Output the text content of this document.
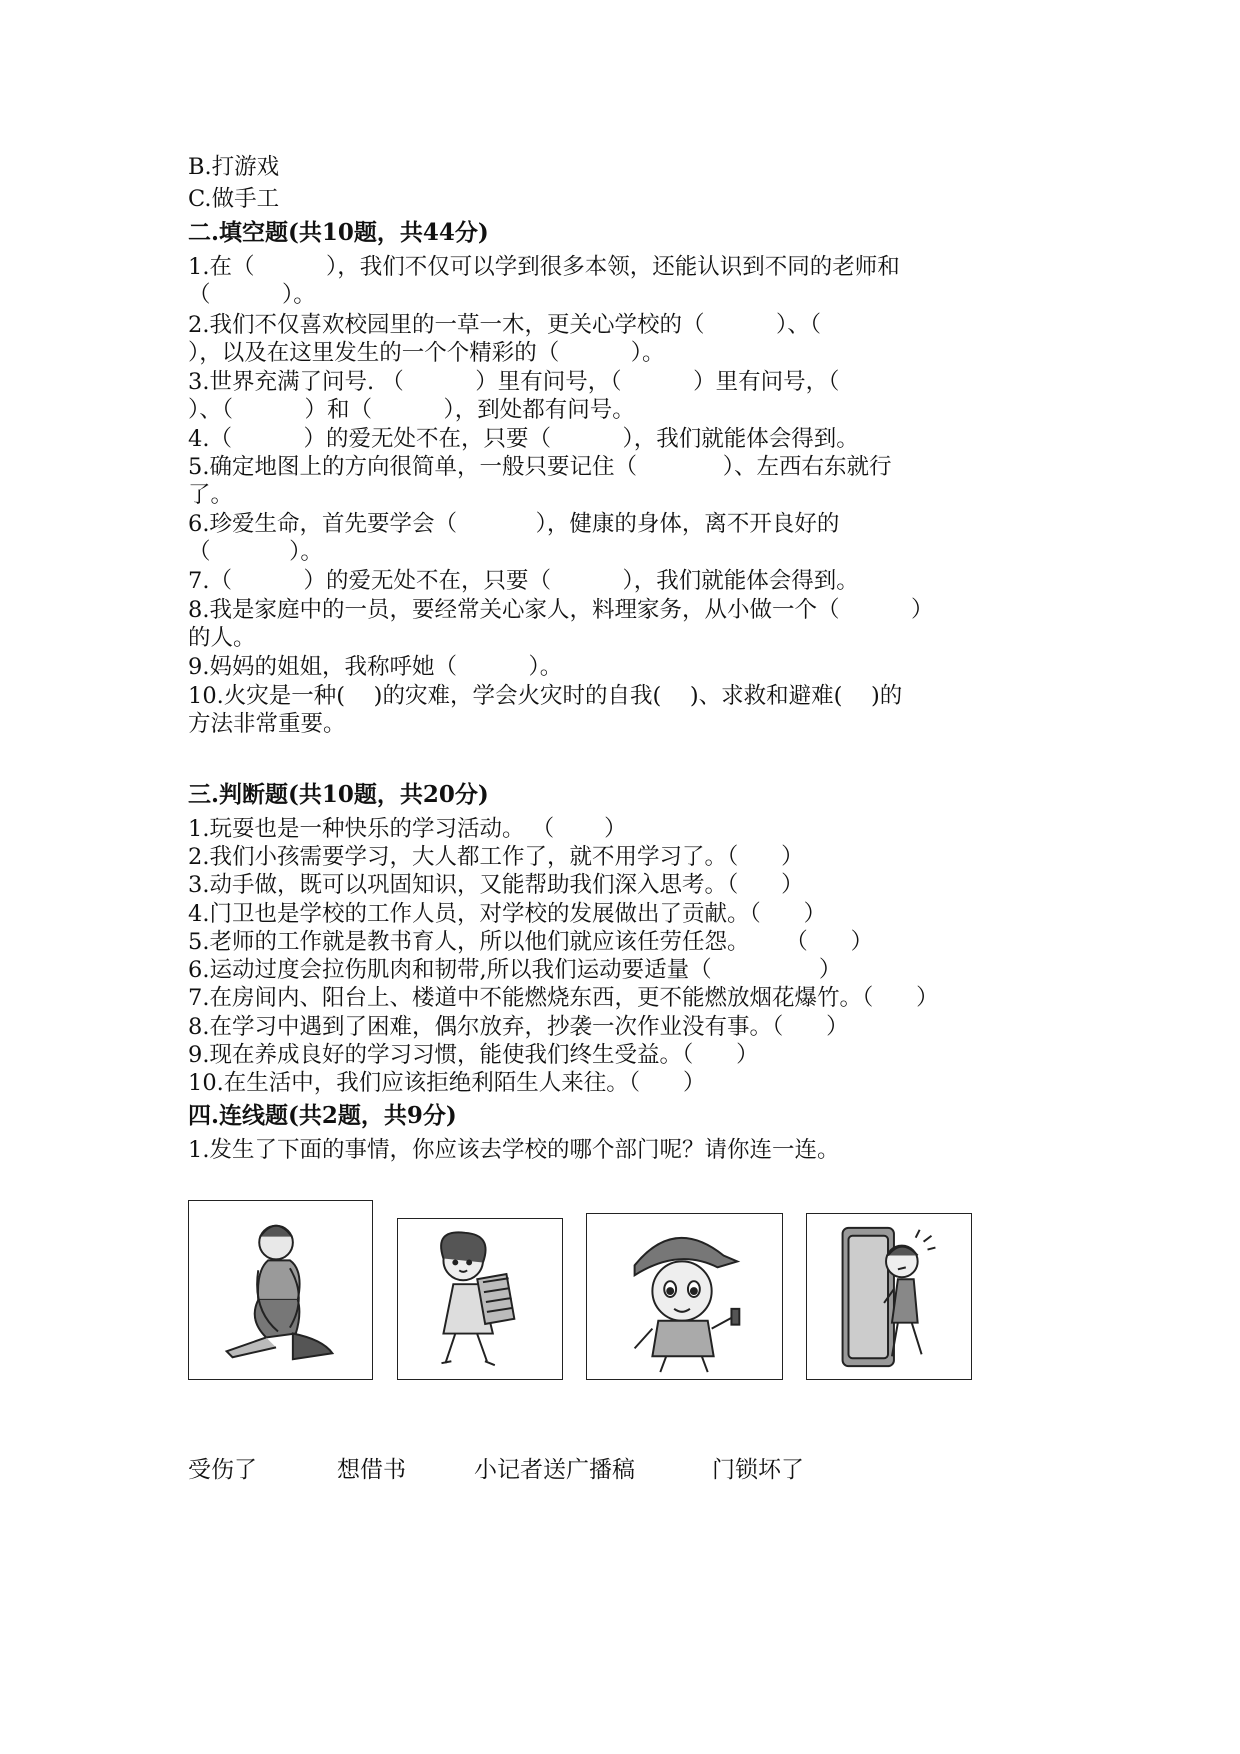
B.打游戏
C.做手工
二.填空题(共10题，共44分)
1.在（          ），我们不仅可以学到很多本领，还能认识到不同的老师和
（          ）。
2.我们不仅喜欢校园里的一草一木，更关心学校的（          ）、（
），以及在这里发生的一个个精彩的（          ）。
3.世界充满了问号. （          ）里有问号，（          ）里有问号，（
）、（          ）和（          ），到处都有问号。
4.（          ）的爱无处不在，只要（          ），我们就能体会得到。
5.确定地图上的方向很简单，一般只要记住（            ）、左西右东就行
了。
6.珍爱生命，首先要学会（           ），健康的身体，离不开良好的
（           ）。
7.（          ）的爱无处不在，只要（          ），我们就能体会得到。
8.我是家庭中的一员，要经常关心家人，料理家务，从小做一个（          ）
的人。
9.妈妈的姐姐，我称呼她（          ）。
10.火灾是一种(    )的灾难，学会火灾时的自我(    )、求救和避难(    )的
方法非常重要。
三.判断题(共10题，共20分)
1.玩耍也是一种快乐的学习活动。 （       ）
2.我们小孩需要学习，大人都工作了，就不用学习了。（      ）
3.动手做，既可以巩固知识，又能帮助我们深入思考。（      ）
4.门卫也是学校的工作人员，对学校的发展做出了贡献。（      ）
5.老师的工作就是教书育人，所以他们就应该任劳任怨。     （      ）
6.运动过度会拉伤肌肉和韧带,所以我们运动要适量（               ）
7.在房间内、阳台上、楼道中不能燃烧东西，更不能燃放烟花爆竹。（      ）
8.在学习中遇到了困难，偶尔放弃，抄袭一次作业没有事。（      ）
9.现在养成良好的学习习惯，能使我们终生受益。（      ）
10.在生活中，我们应该拒绝利陌生人来往。（      ）
四.连线题(共2题，共9分)
1.发生了下面的事情，你应该去学校的哪个部门呢？请你连一连。
受伤了	想借书	小记者送广播稿	门锁坏了
